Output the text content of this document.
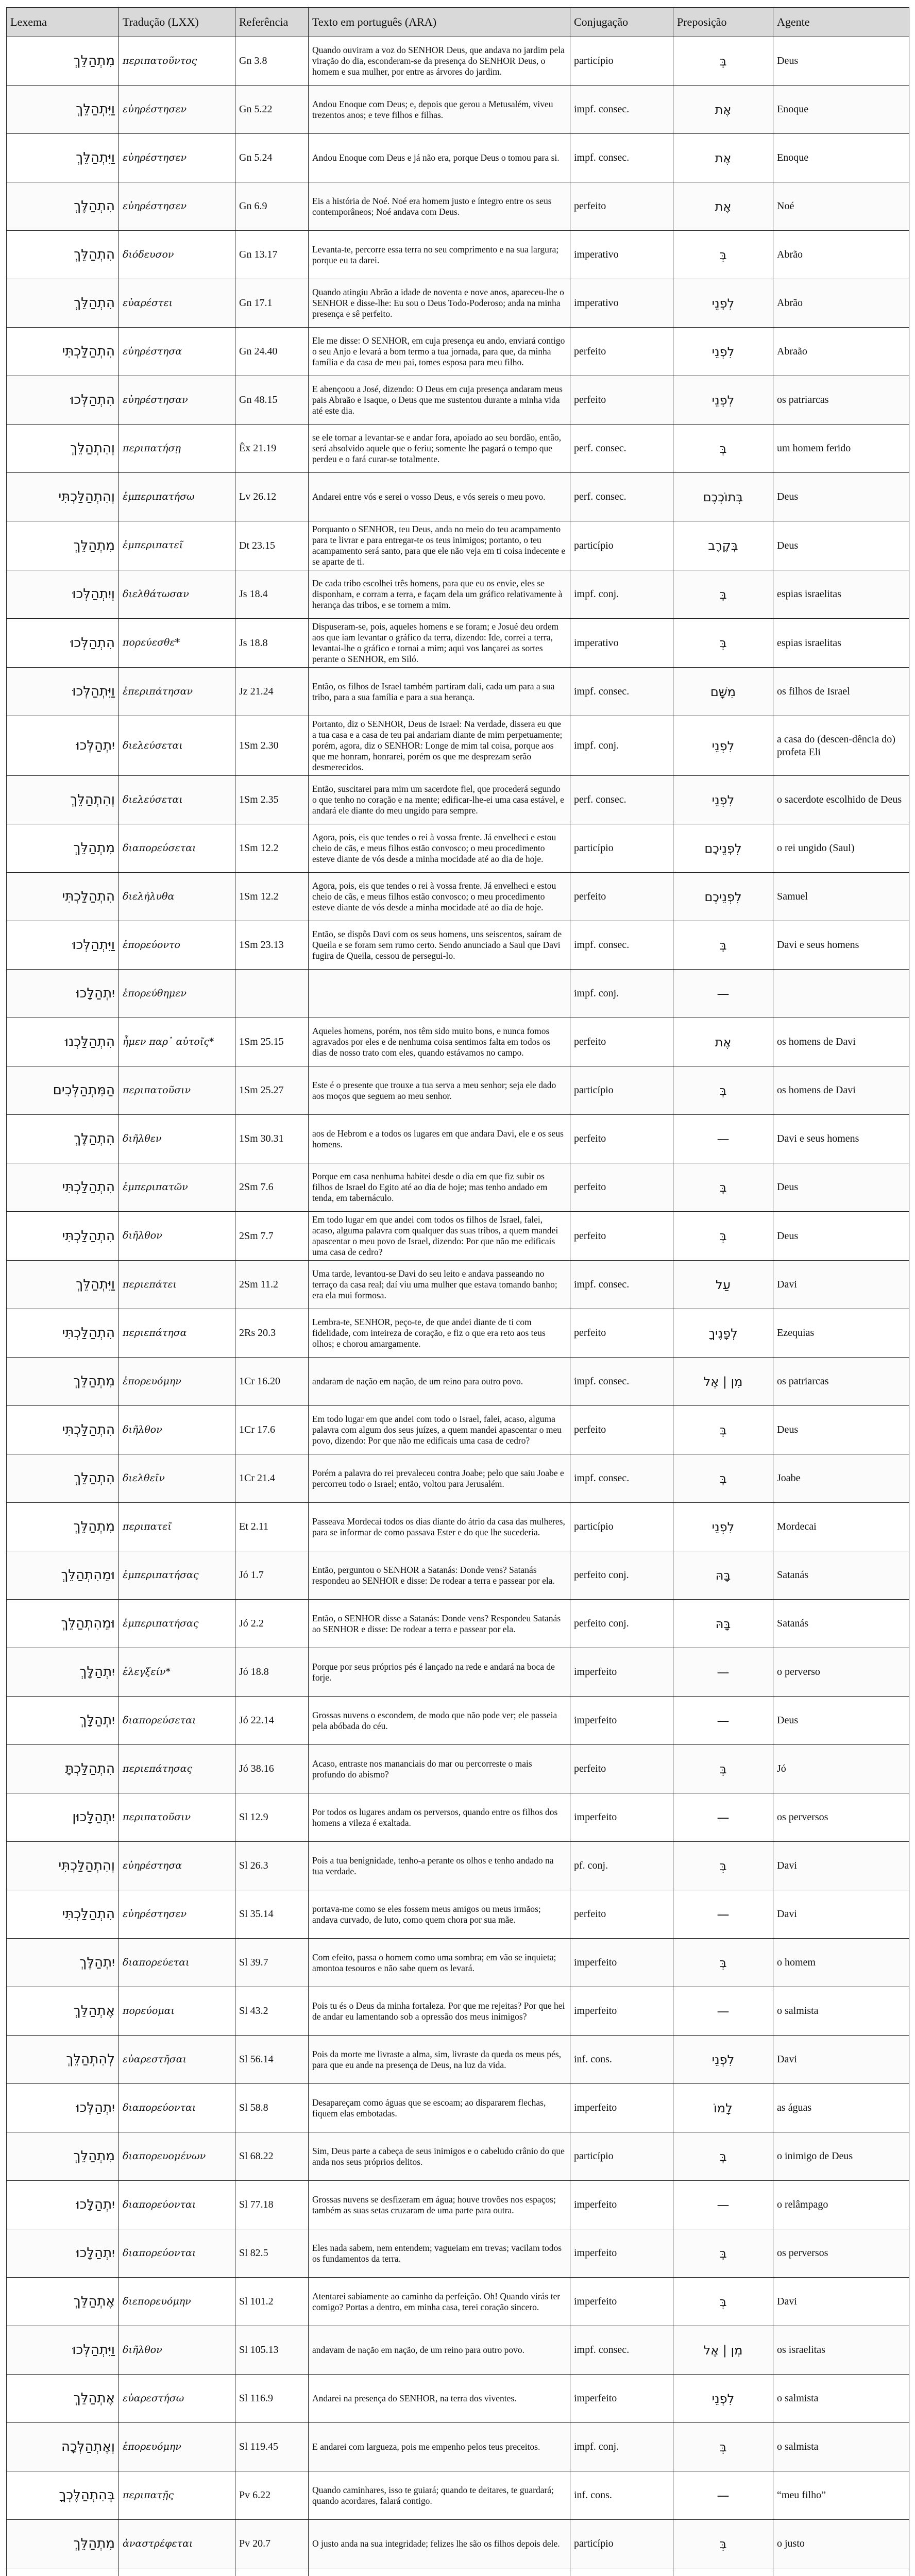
Lexema	Tradução (LXX)	Referência	Texto em português (ARA)	Conjugação	Preposição	Agente
מִתְהַלֵּךְ	περιπατοῦντος	Gn 3.8	Quando ouviram a voz do SENHOR Deus, que andava no jardim pela viração do dia, esconderam-se da presença do SENHOR Deus, o homem e sua mulher, por entre as árvores do jardim.	particípio	בְּ	Deus
וַיִּתְהַלֵּךְ	εὐηρέστησεν	Gn 5.22	Andou Enoque com Deus; e, depois que gerou a Metusalém, viveu trezentos anos; e teve filhos e filhas.	impf. consec.	אֶת	Enoque
וַיִּתְהַלֵּךְ	εὐηρέστησεν	Gn 5.24	Andou Enoque com Deus e já não era, porque Deus o tomou para si.	impf. consec.	אֶת	Enoque
הִתְהַלֶּךְ	εὐηρέστησεν	Gn 6.9	Eis a história de Noé. Noé era homem justo e íntegro entre os seus contemporâneos; Noé andava com Deus.	perfeito	אֶת	Noé
הִתְהַלֵּךְ	διόδευσον	Gn 13.17	Levanta-te, percorre essa terra no seu comprimento e na sua largura; porque eu ta darei.	imperativo	בְּ	Abrão
הִתְהַלֵּךְ	εὐαρέστει	Gn 17.1	Quando atingiu Abrão a idade de noventa e nove anos, apareceu-lhe o SENHOR e disse-lhe: Eu sou o Deus Todo-Poderoso; anda na minha presença e sê perfeito.	imperativo	לִפְנֵי	Abrão
הִתְהַלַּכְתִּי	εὐηρέστησα	Gn 24.40	Ele me disse: O SENHOR, em cuja presença eu ando, enviará contigo o seu Anjo e levará a bom termo a tua jornada, para que, da minha família e da casa de meu pai, tomes esposa para meu filho.	perfeito	לִפְנֵי	Abraão
הִתְהַלְּכוּ	εὐηρέστησαν	Gn 48.15	E abençoou a José, dizendo: O Deus em cuja presença andaram meus pais Abraão e Isaque, o Deus que me sustentou durante a minha vida até este dia.	perfeito	לִפְנֵי	os patriarcas
וְהִתְהַלֵּךְ	περιπατήσῃ	Êx 21.19	se ele tornar a levantar-se e andar fora, apoiado ao seu bordão, então, será absolvido aquele que o feriu; somente lhe pagará o tempo que perdeu e o fará curar-se totalmente.	perf. consec.	בְּ	um homem ferido
וְהִתְהַלַּכְתִּי	ἐμπεριπατήσω	Lv 26.12	Andarei entre vós e serei o vosso Deus, e vós sereis o meu povo.	perf. consec.	בְּתוֹכְכֶם	Deus
מִתְהַלֵּךְ	ἐμπεριπατεῖ	Dt 23.15	Porquanto o SENHOR, teu Deus, anda no meio do teu acampamento para te livrar e para entregar-te os teus inimigos; portanto, o teu acampamento será santo, para que ele não veja em ti coisa indecente e se aparte de ti.	particípio	בְּקֶרֶב	Deus
וְיִתְהַלְּכוּ	διελθάτωσαν	Js 18.4	De cada tribo escolhei três homens, para que eu os envie, eles se disponham, e corram a terra, e façam dela um gráfico relativamente à herança das tribos, e se tornem a mim.	impf. conj.	בְּ	espias israelitas
הִתְהַלְּכוּ	πορεύεσθε*	Js 18.8	Dispuseram-se, pois, aqueles homens e se foram; e Josué deu ordem aos que iam levantar o gráfico da terra, dizendo: Ide, correi a terra, levantai-lhe o gráfico e tornai a mim; aqui vos lançarei as sortes perante o SENHOR, em Siló.	imperativo	בְּ	espias israelitas
וַיִּתְהַלְּכוּ	ἐπεριπάτησαν	Jz 21.24	Então, os filhos de Israel também partiram dali, cada um para a sua tribo, para a sua família e para a sua herança.	impf. consec.	מִשָּׁם	os filhos de Israel
יִתְהַלְּכוּ	διελεύσεται	1Sm 2.30	Portanto, diz o SENHOR, Deus de Israel: Na verdade, dissera eu que a tua casa e a casa de teu pai andariam diante de mim perpetuamente; porém, agora, diz o SENHOR: Longe de mim tal coisa, porque aos que me honram, honrarei, porém os que me desprezam serão desmerecidos.	impf. conj.	לִפְנֵי	a casa do (descen-dência do) profeta Eli
וְהִתְהַלֵּךְ	διελεύσεται	1Sm 2.35	Então, suscitarei para mim um sacerdote fiel, que procederá segundo o que tenho no coração e na mente; edificar-lhe-ei uma casa estável, e andará ele diante do meu ungido para sempre.	perf. consec.	לִפְנֵי	o sacerdote escolhido de Deus
מִתְהַלֵּךְ	διαπορεύσεται	1Sm 12.2	Agora, pois, eis que tendes o rei à vossa frente. Já envelheci e estou cheio de cãs, e meus filhos estão convosco; o meu procedimento esteve diante de vós desde a minha mocidade até ao dia de hoje.	particípio	לִפְנֵיכֶם	o rei ungido (Saul)
הִתְהַלַּכְתִּי	διελήλυθα	1Sm 12.2	Agora, pois, eis que tendes o rei à vossa frente. Já envelheci e estou cheio de cãs, e meus filhos estão convosco; o meu procedimento esteve diante de vós desde a minha mocidade até ao dia de hoje.	perfeito	לִפְנֵיכֶם	Samuel
וַיִּתְהַלְּכוּ	ἐπορεύοντο	1Sm 23.13	Então, se dispôs Davi com os seus homens, uns seiscentos, saíram de Queila e se foram sem rumo certo. Sendo anunciado a Saul que Davi fugira de Queila, cessou de persegui-lo.	impf. consec.	בְּ	Davi e seus homens
יִתְהַלָּכוּ	ἐπορεύθημεν			impf. conj.	—	
הִתְהַלַּכְנוּ	ἦμεν παρ᾽ αὐτοῖς*	1Sm 25.15	Aqueles homens, porém, nos têm sido muito bons, e nunca fomos agravados por eles e de nenhuma coisa sentimos falta em todos os dias de nosso trato com eles, quando estávamos no campo.	perfeito	אֶת	os homens de Davi
הַמִּתְהַלְּכִים	περιπατοῦσιν	1Sm 25.27	Este é o presente que trouxe a tua serva a meu senhor; seja ele dado aos moços que seguem ao meu senhor.	particípio	בְּ	os homens de Davi
הִתְהַלֶּךְ	διῆλθεν	1Sm 30.31	aos de Hebrom e a todos os lugares em que andara Davi, ele e os seus homens.	perfeito	—	Davi e seus homens
הִתְהַלַּכְתִּי	ἐμπεριπατῶν	2Sm 7.6	Porque em casa nenhuma habitei desde o dia em que fiz subir os filhos de Israel do Egito até ao dia de hoje; mas tenho andado em tenda, em tabernáculo.	perfeito	בְּ	Deus
הִתְהַלַּכְתִּי	διῆλθον	2Sm 7.7	Em todo lugar em que andei com todos os filhos de Israel, falei, acaso, alguma palavra com qualquer das suas tribos, a quem mandei apascentar o meu povo de Israel, dizendo: Por que não me edificais uma casa de cedro?	perfeito	בְּ	Deus
וַיִּתְהַלֵּךְ	περιεπάτει	2Sm 11.2	Uma tarde, levantou-se Davi do seu leito e andava passeando no terraço da casa real; daí viu uma mulher que estava tomando banho; era ela mui formosa.	impf. consec.	עַל	Davi
הִתְהַלַּכְתִּי	περιεπάτησα	2Rs 20.3	Lembra-te, SENHOR, peço-te, de que andei diante de ti com fidelidade, com inteireza de coração, e fiz o que era reto aos teus olhos; e chorou amargamente.	perfeito	לְפָנֶיךָ	Ezequias
מִתְהַלֵּךְ	ἐπορευόμην	1Cr 16.20	andaram de nação em nação, de um reino para outro povo.	impf. consec.	מִן | אֶל	os patriarcas
הִתְהַלַּכְתִּי	διῆλθον	1Cr 17.6	Em todo lugar em que andei com todo o Israel, falei, acaso, alguma palavra com algum dos seus juízes, a quem mandei apascentar o meu povo, dizendo: Por que não me edificais uma casa de cedro?	perfeito	בְּ	Deus
הִתְהַלֵּךְ	διελθεῖν	1Cr 21.4	Porém a palavra do rei prevaleceu contra Joabe; pelo que saiu Joabe e percorreu todo o Israel; então, voltou para Jerusalém.	impf. consec.	בְּ	Joabe
מִתְהַלֵּךְ	περιπατεῖ	Et 2.11	Passeava Mordecai todos os dias diante do átrio da casa das mulheres, para se informar de como passava Ester e do que lhe sucederia.	particípio	לִפְנֵי	Mordecai
וּמֵהִתְהַלֵּךְ	ἐμπεριπατήσας	Jó 1.7	Então, perguntou o SENHOR a Satanás: Donde vens? Satanás respondeu ao SENHOR e disse: De rodear a terra e passear por ela.	perfeito conj.	בָּהּ	Satanás
וּמֵהִתְהַלֵּךְ	ἐμπεριπατήσας	Jó 2.2	Então, o SENHOR disse a Satanás: Donde vens? Respondeu Satanás ao SENHOR e disse: De rodear a terra e passear por ela.	perfeito conj.	בָּהּ	Satanás
יִתְהַלָּךְ	ἐλεγξείν*	Jó 18.8	Porque por seus próprios pés é lançado na rede e andará na boca de forje.	imperfeito	—	o perverso
יִתְהַלָּךְ	διαπορεύσεται	Jó 22.14	Grossas nuvens o escondem, de modo que não pode ver; ele passeia pela abóbada do céu.	imperfeito	—	Deus
הִתְהַלַּכְתָּ	περιεπάτησας	Jó 38.16	Acaso, entraste nos mananciais do mar ou percorreste o mais profundo do abismo?	perfeito	בְּ	Jó
יִתְהַלָּכוּן	περιπατοῦσιν	Sl 12.9	Por todos os lugares andam os perversos, quando entre os filhos dos homens a vileza é exaltada.	imperfeito	—	os perversos
וְהִתְהַלַּכְתִּי	εὐηρέστησα	Sl 26.3	Pois a tua benignidade, tenho-a perante os olhos e tenho andado na tua verdade.	pf. conj.	בְּ	Davi
הִתְהַלַּכְתִּי	εὐηρέστησεν	Sl 35.14	portava-me como se eles fossem meus amigos ou meus irmãos; andava curvado, de luto, como quem chora por sua mãe.	perfeito	—	Davi
יִתְהַלֶּךְ	διαπορεύεται	Sl 39.7	Com efeito, passa o homem como uma sombra; em vão se inquieta; amontoa tesouros e não sabe quem os levará.	imperfeito	בְּ	o homem
אֶתְהַלֵּךְ	πορεύομαι	Sl 43.2	Pois tu és o Deus da minha fortaleza. Por que me rejeitas? Por que hei de andar eu lamentando sob a opressão dos meus inimigos?	imperfeito	—	o salmista
לְהִתְהַלֵּךְ	εὐαρεστῆσαι	Sl 56.14	Pois da morte me livraste a alma, sim, livraste da queda os meus pés, para que eu ande na presença de Deus, na luz da vida.	inf. cons.	לִפְנֵי	Davi
יִתְהַלְּכוּ	διαπορεύονται	Sl 58.8	Desapareçam como águas que se escoam; ao dispararem flechas, fiquem elas embotadas.	imperfeito	לָמוֹ	as águas
מִתְהַלֵּךְ	διαπορευομένων	Sl 68.22	Sim, Deus parte a cabeça de seus inimigos e o cabeludo crânio do que anda nos seus próprios delitos.	particípio	בְּ	o inimigo de Deus
יִתְהַלָּכוּ	διαπορεύονται	Sl 77.18	Grossas nuvens se desfizeram em água; houve trovões nos espaços; também as suas setas cruzaram de uma parte para outra.	imperfeito	—	o relâmpago
יִתְהַלָּכוּ	διαπορεύονται	Sl 82.5	Eles nada sabem, nem entendem; vagueiam em trevas; vacilam todos os fundamentos da terra.	imperfeito	בְּ	os perversos
אֶתְהַלֵּךְ	διεπορευόμην	Sl 101.2	Atentarei sabiamente ao caminho da perfeição. Oh! Quando virás ter comigo? Portas a dentro, em minha casa, terei coração sincero.	imperfeito	בְּ	Davi
וַיִּתְהַלְּכוּ	διῆλθον	Sl 105.13	andavam de nação em nação, de um reino para outro povo.	impf. consec.	מִן | אֶל	os israelitas
אֶתְהַלֵּךְ	εὐαρεστήσω	Sl 116.9	Andarei na presença do SENHOR, na terra dos viventes.	imperfeito	לִפְנֵי	o salmista
וְאֶתְהַלְּכָה	ἐπορευόμην	Sl 119.45	E andarei com largueza, pois me empenho pelos teus preceitos.	impf. conj.	בְּ	o salmista
בְּהִתְהַלֶּכְךָ	περιπατῇς	Pv 6.22	Quando caminhares, isso te guiará; quando te deitares, te guardará; quando acordares, falará contigo.	inf. cons.	—	“meu filho”
מִתְהַלֵּךְ	ἀναστρέφεται	Pv 20.7	O justo anda na sua integridade; felizes lhe são os filhos depois dele.	particípio	בְּ	o justo
